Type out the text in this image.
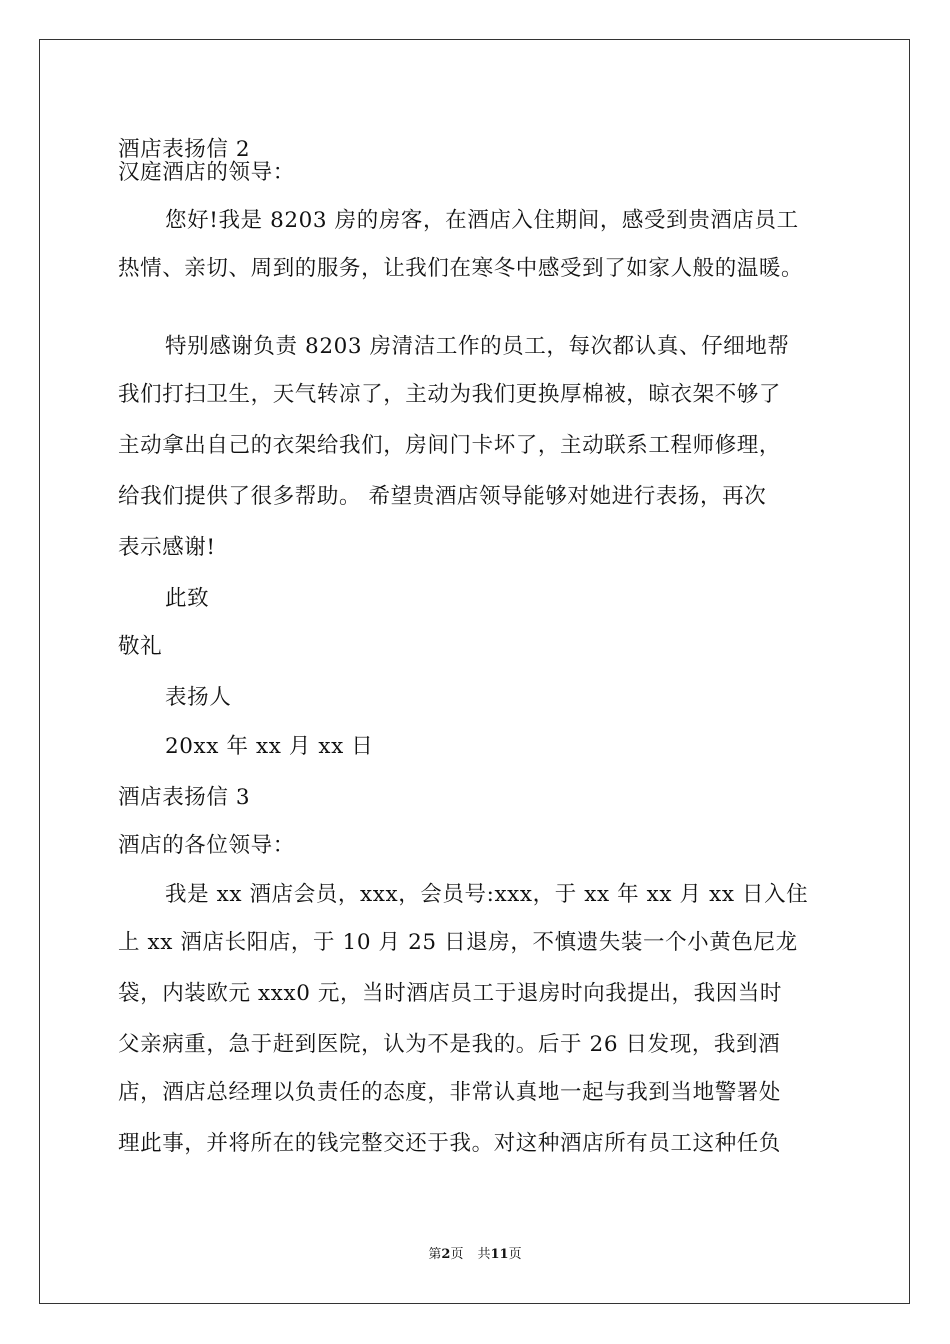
酒店表扬信 2
汉庭酒店的领导：
您好!我是 8203 房的房客，在酒店入住期间，感受到贵酒店员工
热情、亲切、周到的服务，让我们在寒冬中感受到了如家人般的温暖。
特别感谢负责 8203 房清洁工作的员工，每次都认真、仔细地帮
我们打扫卫生，天气转凉了，主动为我们更换厚棉被，晾衣架不够了
主动拿出自己的衣架给我们，房间门卡坏了，主动联系工程师修理，
给我们提供了很多帮助。 希望贵酒店领导能够对她进行表扬，再次
表示感谢!
此致
敬礼
表扬人
20xx 年 xx 月 xx 日
酒店表扬信 3
酒店的各位领导：
我是 xx 酒店会员，xxx，会员号:xxx，于 xx 年 xx 月 xx 日入住
上 xx 酒店长阳店，于 10 月 25 日退房，不慎遗失装一个小黄色尼龙
袋，内装欧元 xxx0 元，当时酒店员工于退房时向我提出，我因当时
父亲病重，急于赶到医院，认为不是我的。后于 26 日发现，我到酒
店，酒店总经理以负责任的态度，非常认真地一起与我到当地警署处
理此事，并将所在的钱完整交还于我。对这种酒店所有员工这种任负
第2页 共11页
